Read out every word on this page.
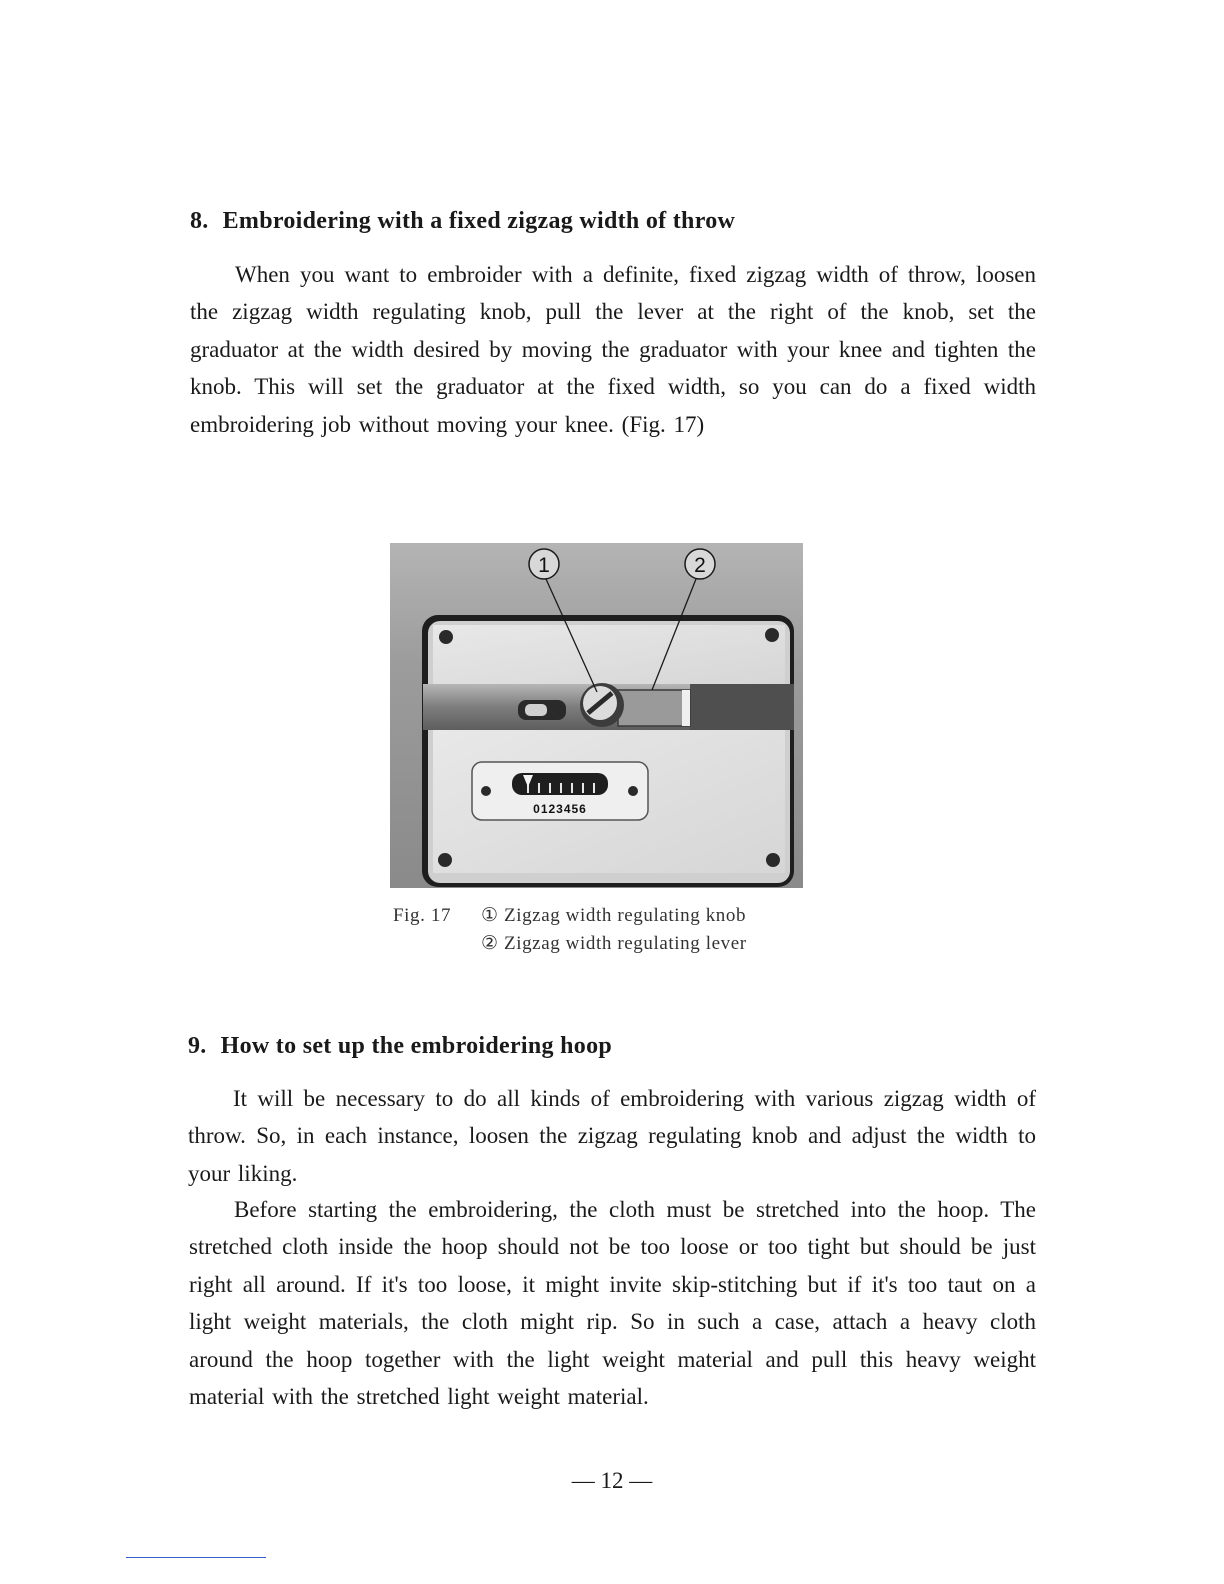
8. Embroidering with a fixed zigzag width of throw

When you want to embroider with a definite, fixed zigzag width of throw, loosen the zigzag width regulating knob, pull the lever at the right of the knob, set the graduator at the width desired by moving the graduator with your knee and tighten the knob. This will set the graduator at the fixed width, so you can do a fixed width embroidering job without moving your knee. (Fig. 17)

1	2
0123456
Fig. 17 ① Zigzag width regulating knob
② Zigzag width regulating lever
9. How to set up the embroidering hoop

It will be necessary to do all kinds of embroidering with various zigzag width of throw. So, in each instance, loosen the zigzag regulating knob and adjust the width to your liking.

Before starting the embroidering, the cloth must be stretched into the hoop. The stretched cloth inside the hoop should not be too loose or too tight but should be just right all around. If it's too loose, it might invite skip-stitching but if it's too taut on a light weight materials, the cloth might rip. So in such a case, attach a heavy cloth around the hoop together with the light weight material and pull this heavy weight material with the stretched light weight material.

— 12 —
